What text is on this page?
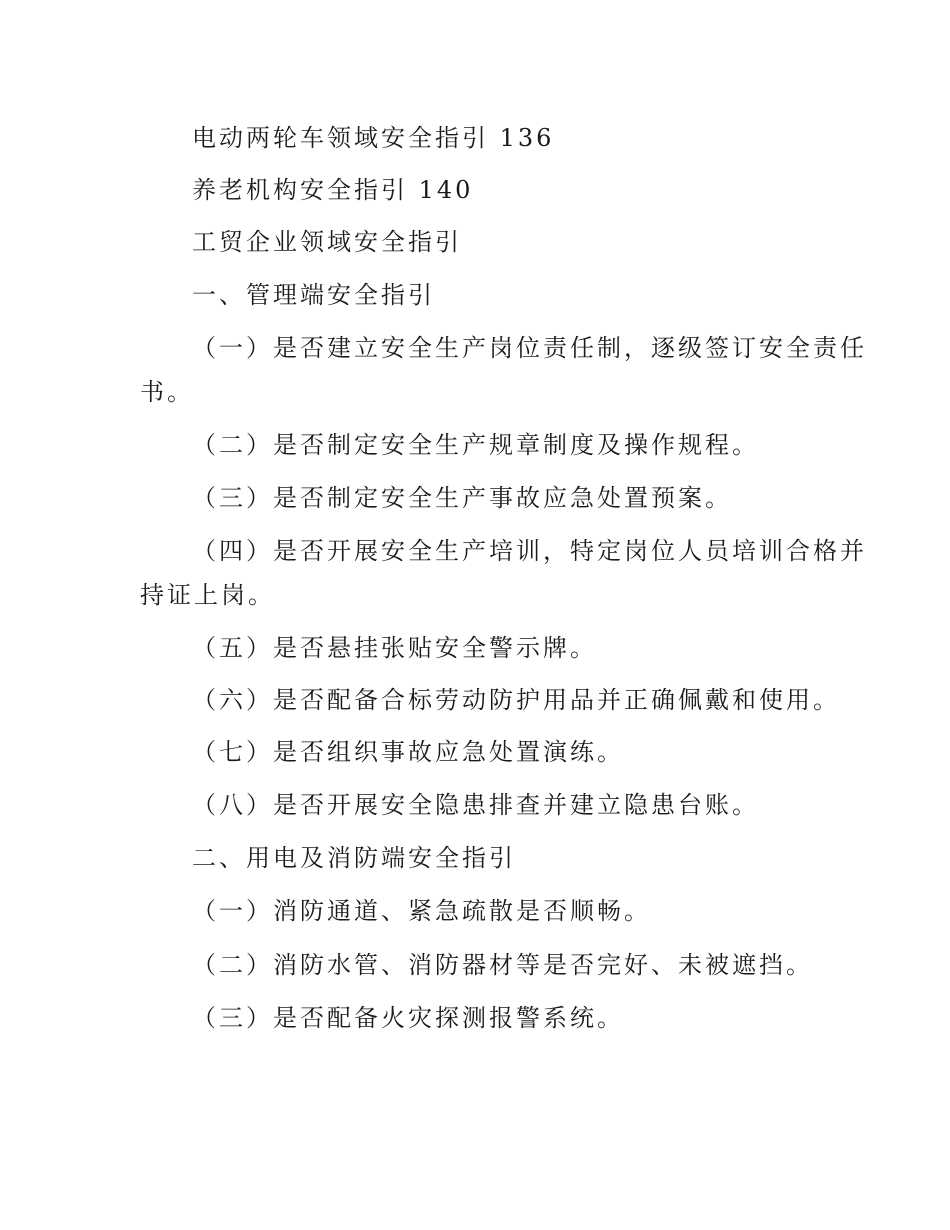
电动两轮车领域安全指引 136
养老机构安全指引 140
工贸企业领域安全指引
一、管理端安全指引
（一）是否建立安全生产岗位责任制，逐级签订安全责任
书。
（二）是否制定安全生产规章制度及操作规程。
（三）是否制定安全生产事故应急处置预案。
（四）是否开展安全生产培训，特定岗位人员培训合格并
持证上岗。
（五）是否悬挂张贴安全警示牌。
（六）是否配备合标劳动防护用品并正确佩戴和使用。
（七）是否组织事故应急处置演练。
（八）是否开展安全隐患排查并建立隐患台账。
二、用电及消防端安全指引
（一）消防通道、紧急疏散是否顺畅。
（二）消防水管、消防器材等是否完好、未被遮挡。
（三）是否配备火灾探测报警系统。
